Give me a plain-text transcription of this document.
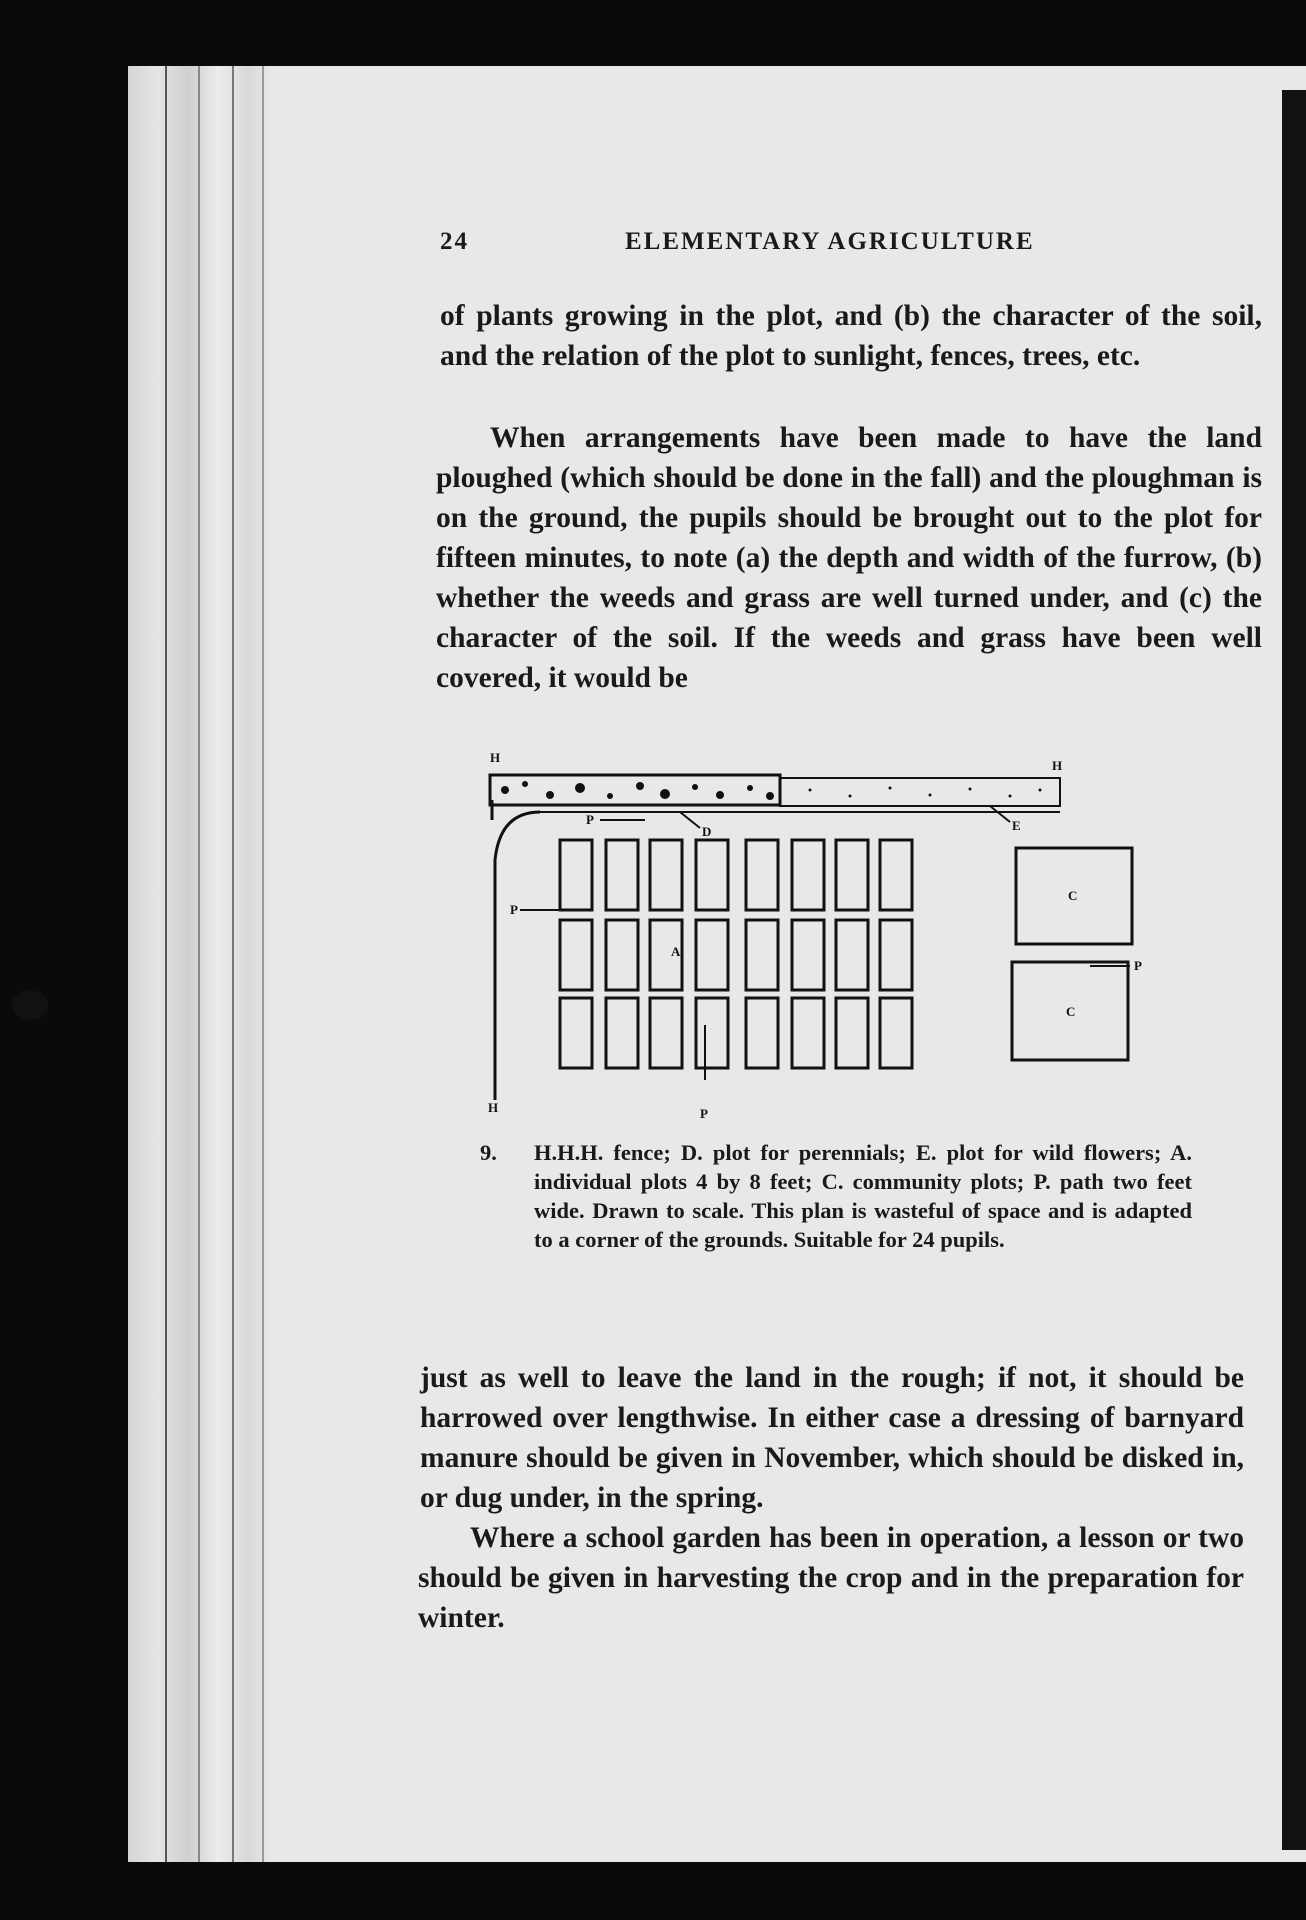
24	ELEMENTARY AGRICULTURE

of plants growing in the plot, and (b) the character of the soil, and the relation of the plot to sunlight, fences, trees, etc.

When arrangements have been made to have the land ploughed (which should be done in the fall) and the ploughman is on the ground, the pupils should be brought out to the plot for fifteen minutes, to note (a) the depth and width of the furrow, (b) whether the weeds and grass are well turned under, and (c) the character of the soil. If the weeds and grass have been well covered, it would be

H
H
H
D	E
A
C
C
P
P
P
P
9. H.H.H. fence; D. plot for perennials; E. plot for wild flowers; A. individual plots 4 by 8 feet; C. community plots; P. path two feet wide. Drawn to scale. This plan is wasteful of space and is adapted to a corner of the grounds. Suitable for 24 pupils.

just as well to leave the land in the rough; if not, it should be harrowed over lengthwise. In either case a dressing of barnyard manure should be given in November, which should be disked in, or dug under, in the spring.

Where a school garden has been in operation, a lesson or two should be given in harvesting the crop and in the preparation for winter.
